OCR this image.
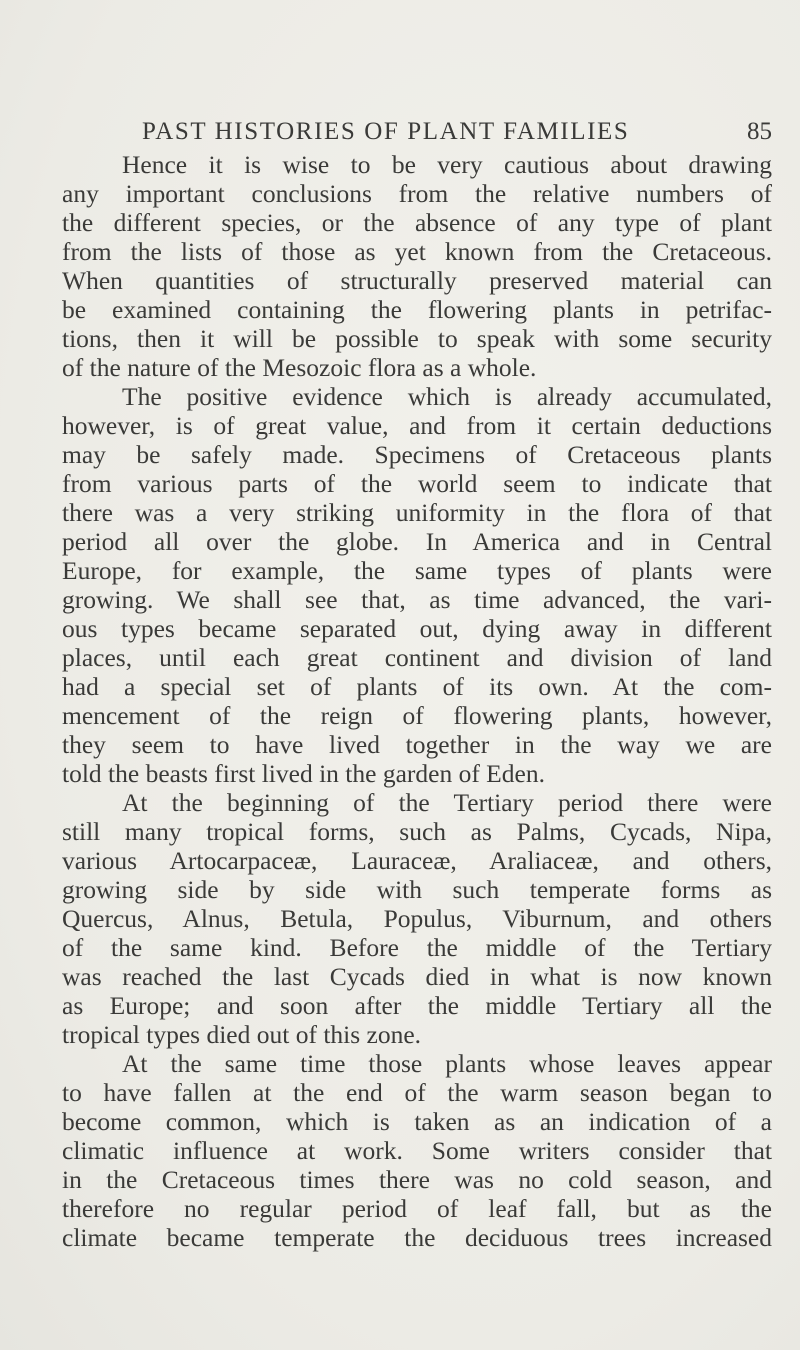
PAST HISTORIES OF PLANT FAMILIES	85
Hence it is wise to be very cautious about drawing
any important conclusions from the relative numbers of
the different species, or the absence of any type of plant
from the lists of those as yet known from the Cretaceous.
When quantities of structurally preserved material can
be examined containing the flowering plants in petrifac-
tions, then it will be possible to speak with some security
of the nature of the Mesozoic flora as a whole.
The positive evidence which is already accumulated,
however, is of great value, and from it certain deductions
may be safely made. Specimens of Cretaceous plants
from various parts of the world seem to indicate that
there was a very striking uniformity in the flora of that
period all over the globe. In America and in Central
Europe, for example, the same types of plants were
growing. We shall see that, as time advanced, the vari-
ous types became separated out, dying away in different
places, until each great continent and division of land
had a special set of plants of its own. At the com-
mencement of the reign of flowering plants, however,
they seem to have lived together in the way we are
told the beasts first lived in the garden of Eden.
At the beginning of the Tertiary period there were
still many tropical forms, such as Palms, Cycads, Nipa,
various Artocarpaceæ, Lauraceæ, Araliaceæ, and others,
growing side by side with such temperate forms as
Quercus, Alnus, Betula, Populus, Viburnum, and others
of the same kind. Before the middle of the Tertiary
was reached the last Cycads died in what is now known
as Europe; and soon after the middle Tertiary all the
tropical types died out of this zone.
At the same time those plants whose leaves appear
to have fallen at the end of the warm season began to
become common, which is taken as an indication of a
climatic influence at work. Some writers consider that
in the Cretaceous times there was no cold season, and
therefore no regular period of leaf fall, but as the
climate became temperate the deciduous trees increased
